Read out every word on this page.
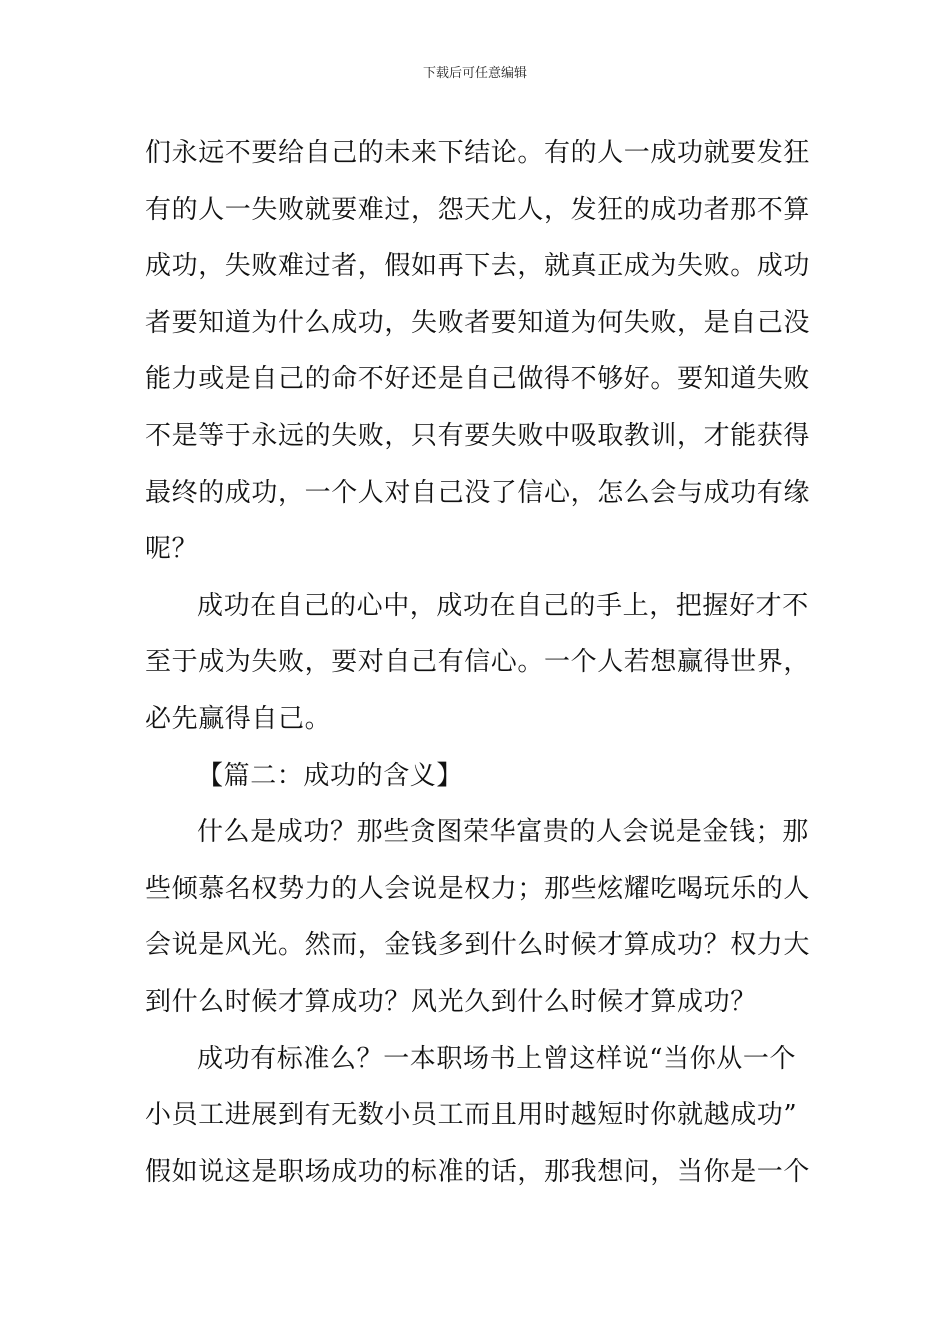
下载后可任意编辑
们永远不要给自己的未来下结论。有的人一成功就要发狂
有的人一失败就要难过，怨天尤人，发狂的成功者那不算
成功，失败难过者，假如再下去，就真正成为失败。成功
者要知道为什么成功，失败者要知道为何失败，是自己没
能力或是自己的命不好还是自己做得不够好。要知道失败
不是等于永远的失败，只有要失败中吸取教训，才能获得
最终的成功，一个人对自己没了信心，怎么会与成功有缘
呢？
成功在自己的心中，成功在自己的手上，把握好才不
至于成为失败，要对自己有信心。一个人若想赢得世界，
必先赢得自己。
【篇二：成功的含义】
什么是成功？那些贪图荣华富贵的人会说是金钱；那
些倾慕名权势力的人会说是权力；那些炫耀吃喝玩乐的人
会说是风光。然而，金钱多到什么时候才算成功？权力大
到什么时候才算成功？风光久到什么时候才算成功？
成功有标准么？一本职场书上曾这样说“当你从一个
小员工进展到有无数小员工而且用时越短时你就越成功”
假如说这是职场成功的标准的话，那我想问，当你是一个
